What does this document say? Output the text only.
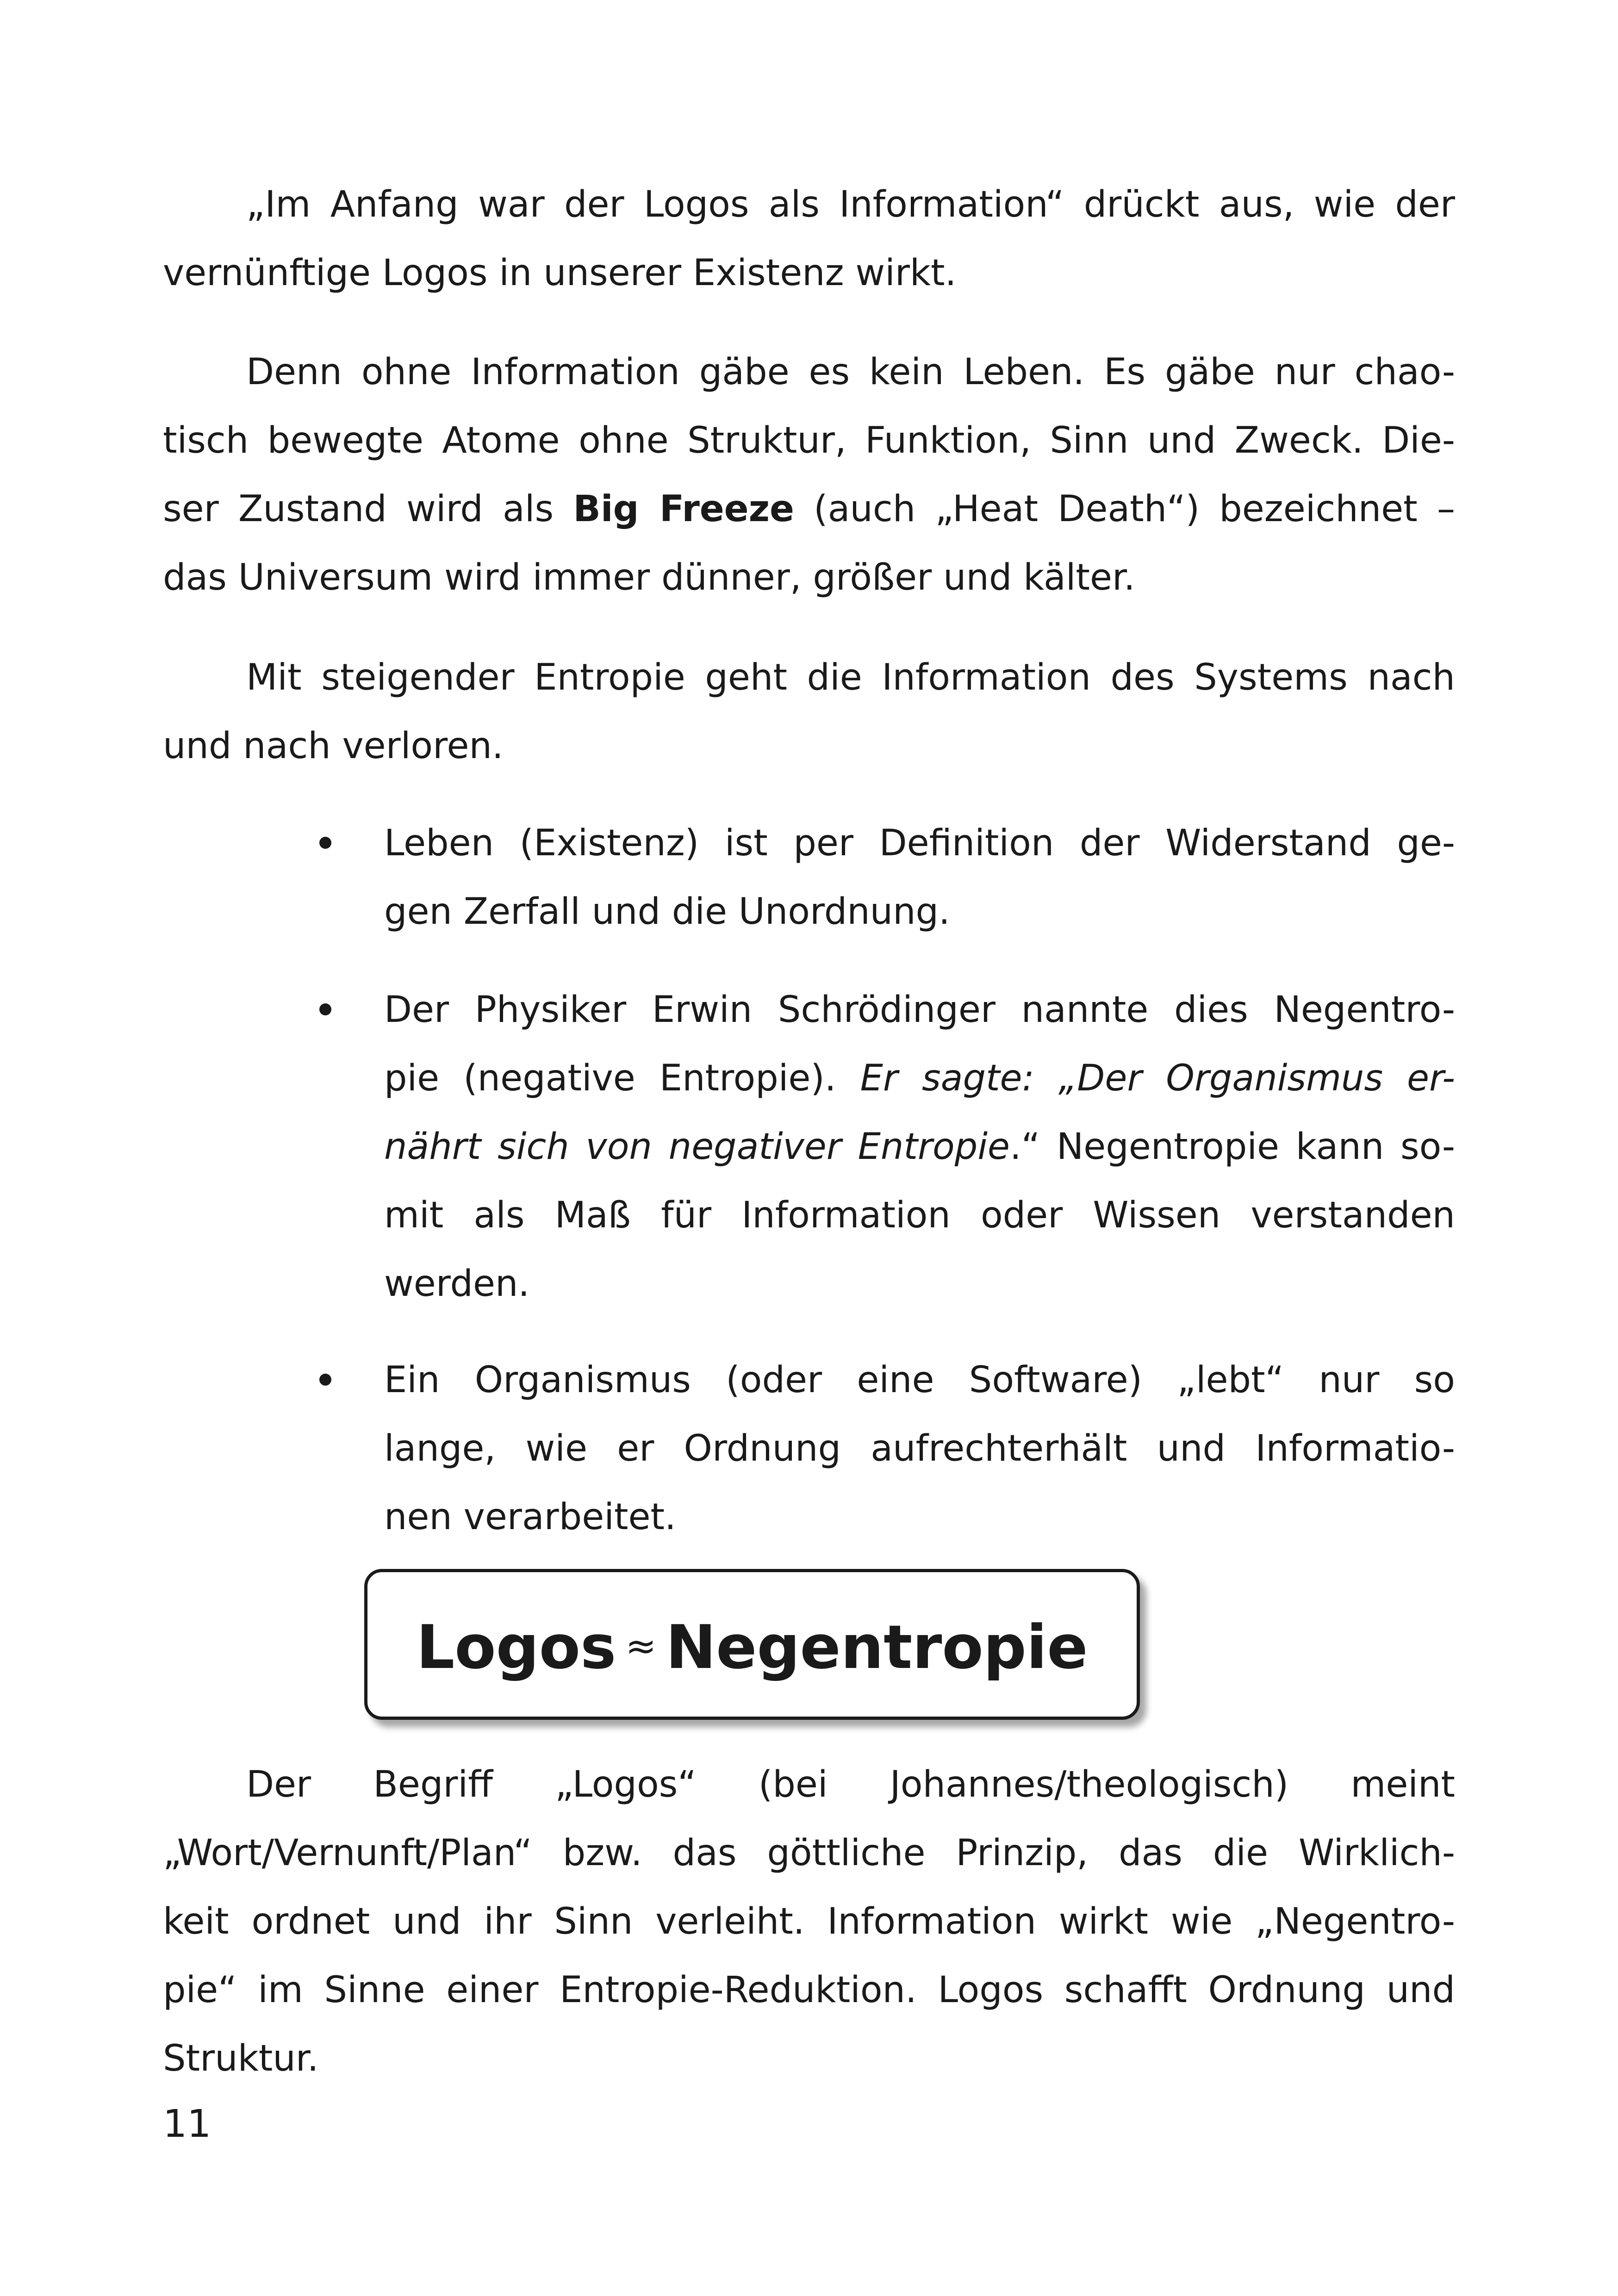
„Im Anfang war der Logos als Information“ drückt aus, wie der
vernünftige Logos in unserer Existenz wirkt.
Denn ohne Information gäbe es kein Leben. Es gäbe nur chao-
tisch bewegte Atome ohne Struktur, Funktion, Sinn und Zweck. Die-
ser Zustand wird als Big Freeze (auch „Heat Death“) bezeichnet –
das Universum wird immer dünner, größer und kälter.
Mit steigender Entropie geht die Information des Systems nach
und nach verloren.
Leben (Existenz) ist per Definition der Widerstand ge-
gen Zerfall und die Unordnung.
Der Physiker Erwin Schrödinger nannte dies Negentro-
pie (negative Entropie). Er sagte: „Der Organismus er-
nährt sich von negativer Entropie.“ Negentropie kann so-
mit als Maß für Information oder Wissen verstanden
werden.
Ein Organismus (oder eine Software) „lebt“ nur so
lange, wie er Ordnung aufrechterhält und Informatio-
nen verarbeitet.
Logos ≈ Negentropie
Der Begriff „Logos“ (bei Johannes/theologisch) meint
„Wort/Vernunft/Plan“ bzw. das göttliche Prinzip, das die Wirklich-
keit ordnet und ihr Sinn verleiht. Information wirkt wie „Negentro-
pie“ im Sinne einer Entropie-Reduktion. Logos schafft Ordnung und
Struktur.
11
